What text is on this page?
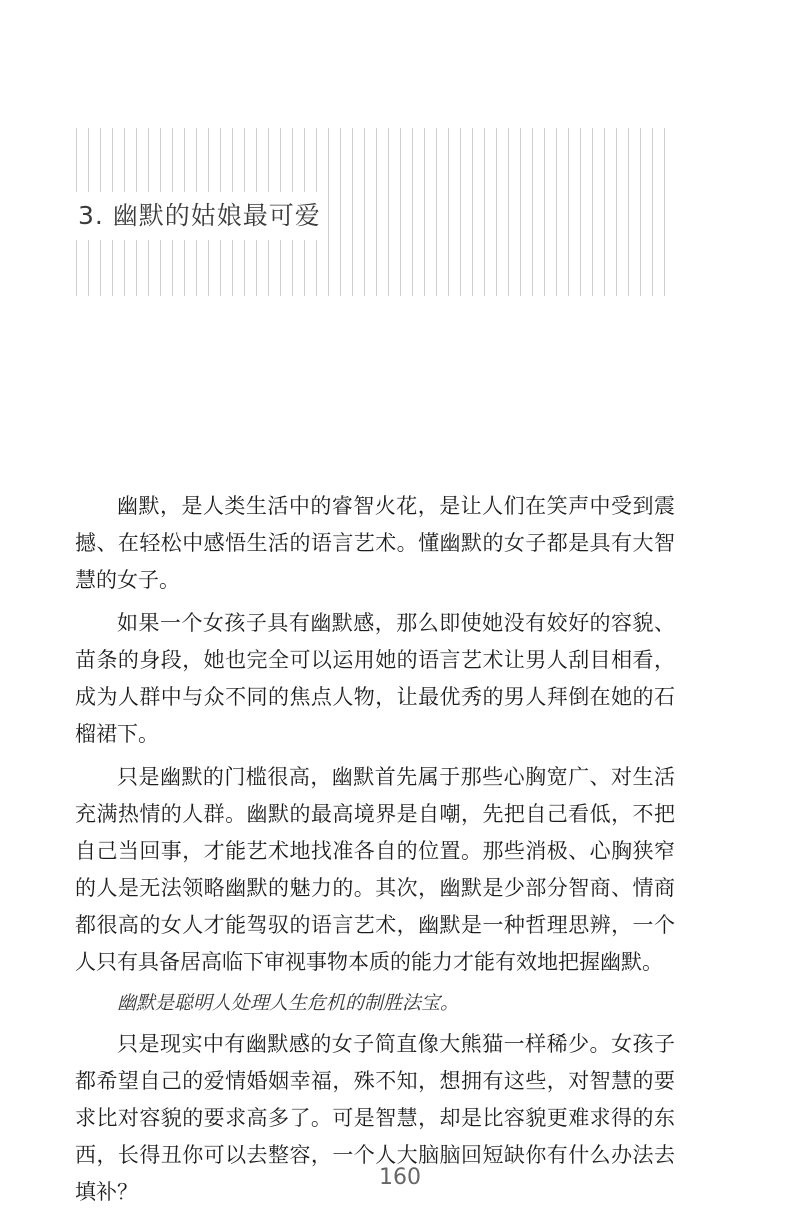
3. 幽默的姑娘最可爱

幽默，是人类生活中的睿智火花，是让人们在笑声中受到震撼、在轻松中感悟生活的语言艺术。懂幽默的女子都是具有大智慧的女子。

如果一个女孩子具有幽默感，那么即使她没有姣好的容貌、苗条的身段，她也完全可以运用她的语言艺术让男人刮目相看，成为人群中与众不同的焦点人物，让最优秀的男人拜倒在她的石榴裙下。

只是幽默的门槛很高，幽默首先属于那些心胸宽广、对生活充满热情的人群。幽默的最高境界是自嘲，先把自己看低，不把自己当回事，才能艺术地找准各自的位置。那些消极、心胸狭窄的人是无法领略幽默的魅力的。其次，幽默是少部分智商、情商都很高的女人才能驾驭的语言艺术，幽默是一种哲理思辨，一个人只有具备居高临下审视事物本质的能力才能有效地把握幽默。

幽默是聪明人处理人生危机的制胜法宝。

只是现实中有幽默感的女子简直像大熊猫一样稀少。女孩子都希望自己的爱情婚姻幸福，殊不知，想拥有这些，对智慧的要求比对容貌的要求高多了。可是智慧，却是比容貌更难求得的东西，长得丑你可以去整容，一个人大脑脑回短缺你有什么办法去填补？

160
